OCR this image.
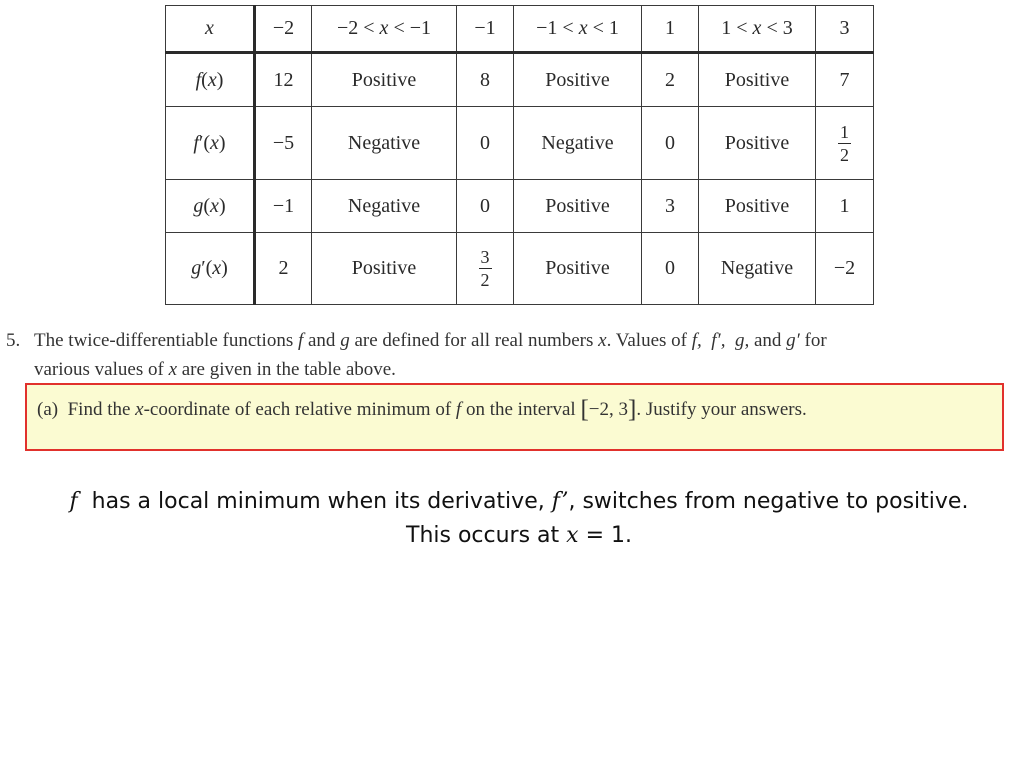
x	−2	−2 < x < −1	−1	−1 < x < 1	1	1 < x < 3	3
f(x)	12	Positive	8	Positive	2	Positive	7
f′(x)	−5	Negative	0	Negative	0	Positive	$\frac{1}{2}$

g(x)	−1	Negative	0	Positive	3	Positive	1
g′(x)	2	Positive	$\frac{3}{2}$	Positive	0	Negative	−2
5. The twice-differentiable functions f and g are defined for all real numbers x. Values of f, f′, g, and g′ for
various values of x are given in the table above.
(a) Find the x-coordinate of each relative minimum of f on the interval [−2, 3]. Justify your answers.
f  has a local minimum when its derivative, f’, switches from negative to positive.
This occurs at x = 1.
